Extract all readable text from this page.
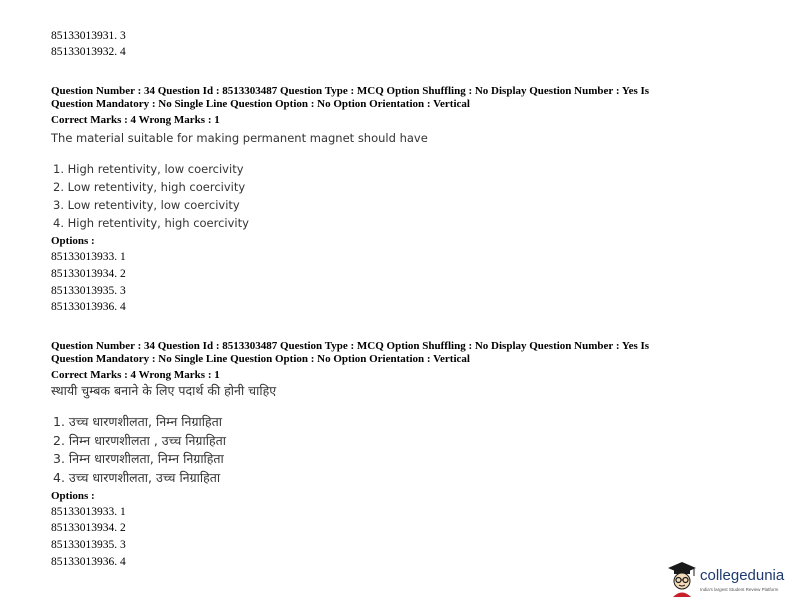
85133013931. 3
85133013932. 4
Question Number : 34 Question Id : 8513303487 Question Type : MCQ Option Shuffling : No Display Question Number : Yes Is
Question Mandatory : No Single Line Question Option : No Option Orientation : Vertical
Correct Marks : 4 Wrong Marks : 1
The material suitable for making permanent magnet should have
1. High retentivity, low coercivity
2. Low retentivity, high coercivity
3. Low retentivity, low coercivity
4. High retentivity, high coercivity
Options :
85133013933. 1
85133013934. 2
85133013935. 3
85133013936. 4
Question Number : 34 Question Id : 8513303487 Question Type : MCQ Option Shuffling : No Display Question Number : Yes Is
Question Mandatory : No Single Line Question Option : No Option Orientation : Vertical
Correct Marks : 4 Wrong Marks : 1
स्थायी चुम्बक बनाने के लिए पदार्थ की होनी चाहिए
1. उच्च धारणशीलता, निम्न निग्राहिता
2. निम्न धारणशीलता , उच्च निग्राहिता
3. निम्न धारणशीलता, निम्न निग्राहिता
4. उच्च धारणशीलता, उच्च निग्राहिता
Options :
85133013933. 1
85133013934. 2
85133013935. 3
85133013936. 4
collegedunia
India's largest Student Review Platform
